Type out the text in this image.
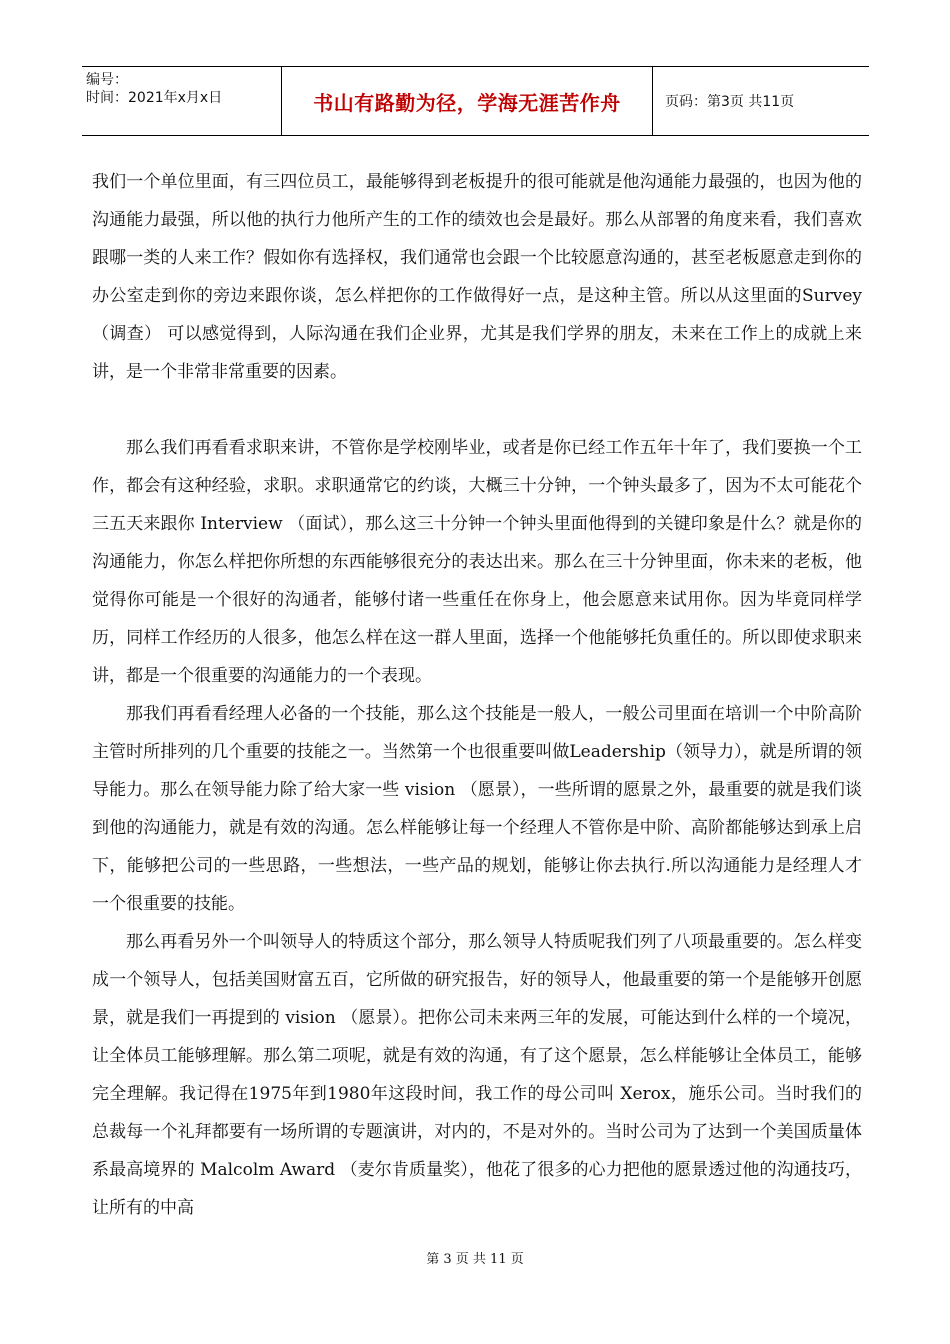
编号：
时间：2021年x月x日	书山有路勤为径，学海无涯苦作舟	页码：第3页 共11页

我们一个单位里面，有三四位员工，最能够得到老板提升的很可能就是他沟通能力最强的，也因为他的沟通能力最强，所以他的执行力他所产生的工作的绩效也会是最好。那么从部署的角度来看，我们喜欢跟哪一类的人来工作？假如你有选择权，我们通常也会跟一个比较愿意沟通的，甚至老板愿意走到你的办公室走到你的旁边来跟你谈，怎么样把你的工作做得好一点，是这种主管。所以从这里面的Survey （调查） 可以感觉得到，人际沟通在我们企业界，尤其是我们学界的朋友，未来在工作上的成就上来讲，是一个非常非常重要的因素。

那么我们再看看求职来讲，不管你是学校刚毕业，或者是你已经工作五年十年了，我们要换一个工作，都会有这种经验，求职。求职通常它的约谈，大概三十分钟，一个钟头最多了，因为不太可能花个三五天来跟你 Interview （面试），那么这三十分钟一个钟头里面他得到的关键印象是什么？就是你的沟通能力，你怎么样把你所想的东西能够很充分的表达出来。那么在三十分钟里面，你未来的老板，他觉得你可能是一个很好的沟通者，能够付诸一些重任在你身上，他会愿意来试用你。因为毕竟同样学历，同样工作经历的人很多，他怎么样在这一群人里面，选择一个他能够托负重任的。所以即使求职来讲，都是一个很重要的沟通能力的一个表现。

那我们再看看经理人必备的一个技能，那么这个技能是一般人，一般公司里面在培训一个中阶高阶主管时所排列的几个重要的技能之一。当然第一个也很重要叫做Leadership（领导力），就是所谓的领导能力。那么在领导能力除了给大家一些 vision （愿景），一些所谓的愿景之外，最重要的就是我们谈到他的沟通能力，就是有效的沟通。怎么样能够让每一个经理人不管你是中阶、高阶都能够达到承上启下，能够把公司的一些思路，一些想法，一些产品的规划，能够让你去执行.所以沟通能力是经理人才一个很重要的技能。

那么再看另外一个叫领导人的特质这个部分，那么领导人特质呢我们列了八项最重要的。怎么样变成一个领导人，包括美国财富五百，它所做的研究报告，好的领导人，他最重要的第一个是能够开创愿景，就是我们一再提到的 vision （愿景）。把你公司未来两三年的发展，可能达到什么样的一个境况，让全体员工能够理解。那么第二项呢，就是有效的沟通，有了这个愿景，怎么样能够让全体员工，能够完全理解。我记得在1975年到1980年这段时间，我工作的母公司叫 Xerox，施乐公司。当时我们的总裁每一个礼拜都要有一场所谓的专题演讲，对内的，不是对外的。当时公司为了达到一个美国质量体系最高境界的 Malcolm Award （麦尔肯质量奖），他花了很多的心力把他的愿景透过他的沟通技巧，让所有的中高

第 3 页 共 11 页
